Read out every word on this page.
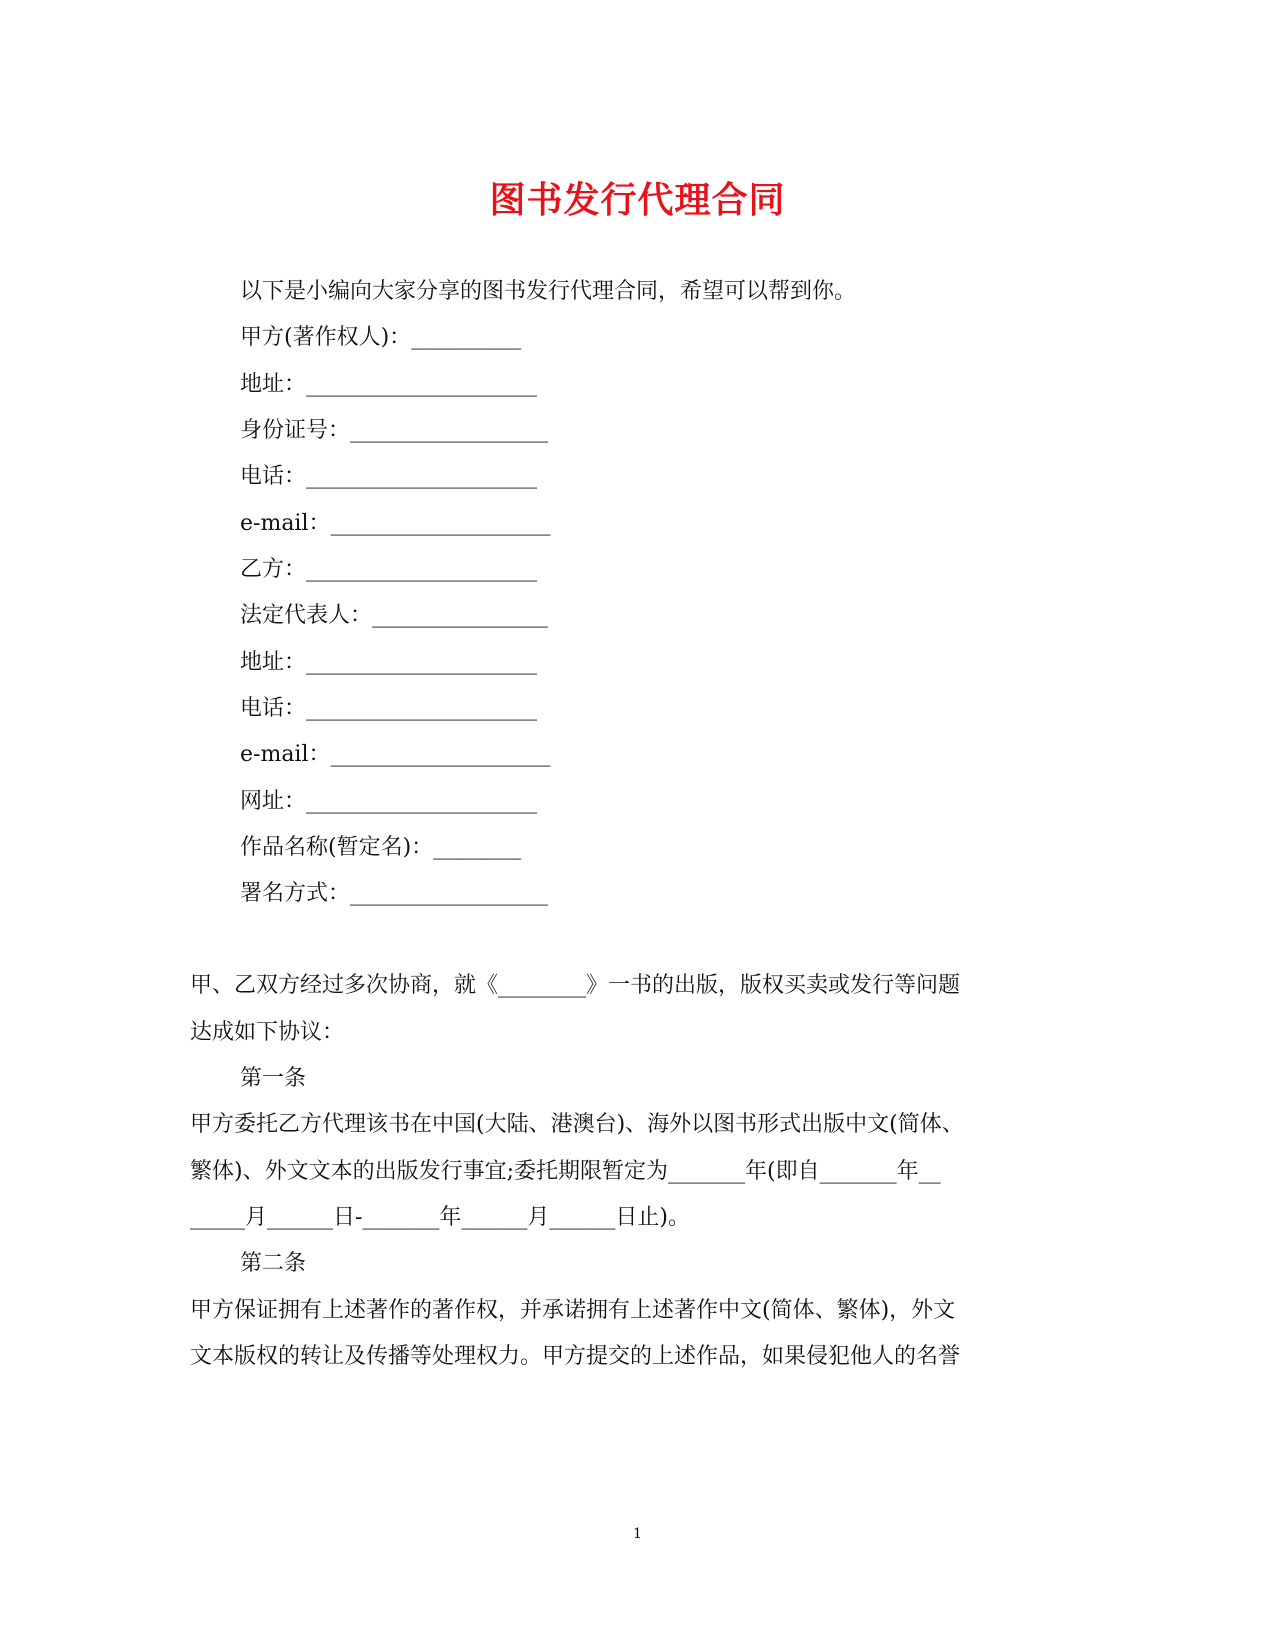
图书发行代理合同
以下是小编向大家分享的图书发行代理合同，希望可以帮到你。
甲方(著作权人)：__________
地址：_____________________
身份证号：__________________
电话：_____________________
e-mail：____________________
乙方：_____________________
法定代表人：________________
地址：_____________________
电话：_____________________
e-mail：____________________
网址：_____________________
作品名称(暂定名)：________
署名方式：__________________
甲、乙双方经过多次协商，就《________》一书的出版，版权买卖或发行等问题
达成如下协议：
第一条
甲方委托乙方代理该书在中国(大陆、港澳台)、海外以图书形式出版中文(简体、
繁体)、外文文本的出版发行事宜;委托期限暂定为_______年(即自_______年__
_____月______日-_______年______月______日止)。
第二条
甲方保证拥有上述著作的著作权，并承诺拥有上述著作中文(简体、繁体)，外文
文本版权的转让及传播等处理权力。甲方提交的上述作品，如果侵犯他人的名誉
1
